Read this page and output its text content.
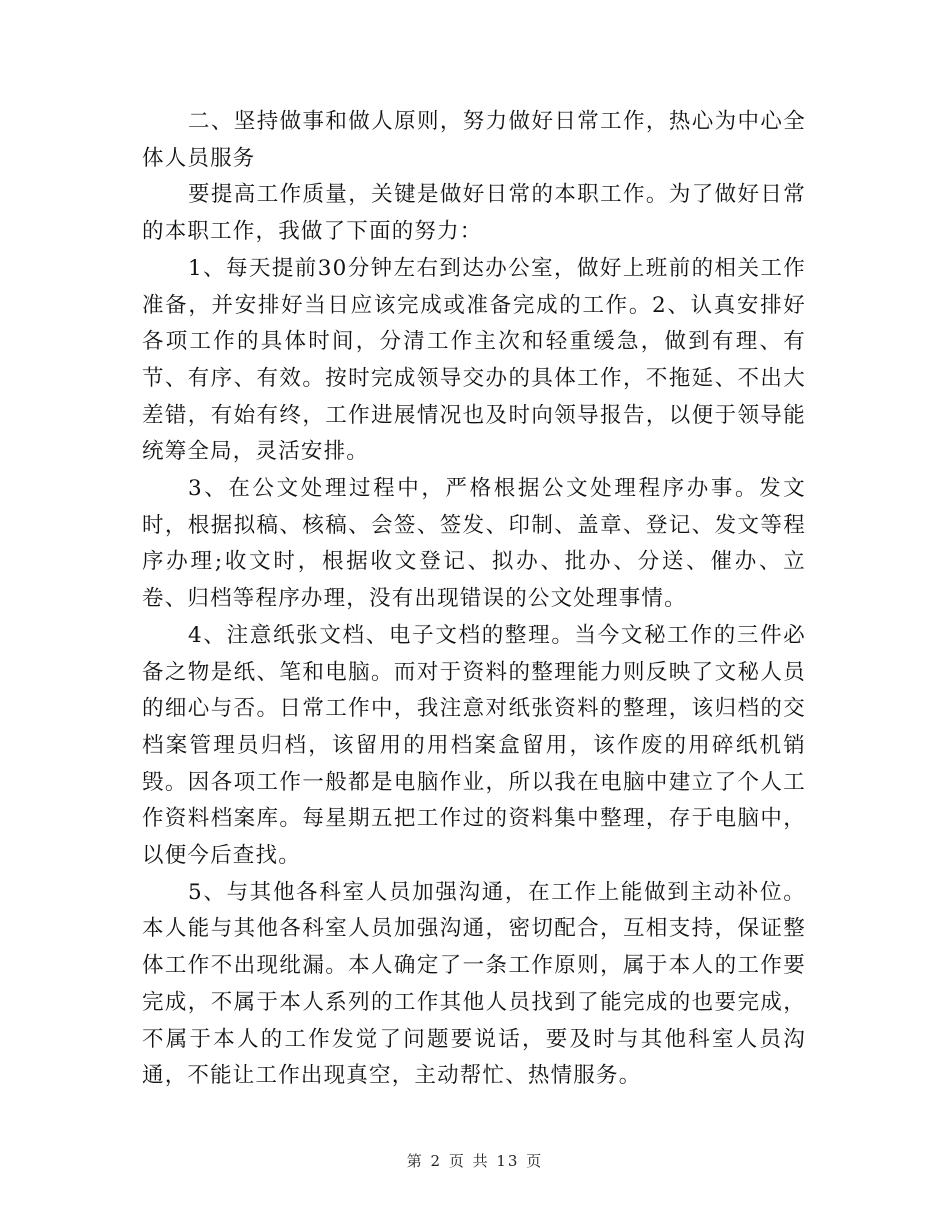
二、坚持做事和做人原则，努力做好日常工作，热心为中心全体人员服务

要提高工作质量，关键是做好日常的本职工作。为了做好日常的本职工作，我做了下面的努力：

1、每天提前30分钟左右到达办公室，做好上班前的相关工作准备，并安排好当日应该完成或准备完成的工作。2、认真安排好各项工作的具体时间，分清工作主次和轻重缓急，做到有理、有节、有序、有效。按时完成领导交办的具体工作，不拖延、不出大差错，有始有终，工作进展情况也及时向领导报告，以便于领导能统筹全局，灵活安排。

3、在公文处理过程中，严格根据公文处理程序办事。发文时，根据拟稿、核稿、会签、签发、印制、盖章、登记、发文等程序办理;收文时，根据收文登记、拟办、批办、分送、催办、立卷、归档等程序办理，没有出现错误的公文处理事情。

4、注意纸张文档、电子文档的整理。当今文秘工作的三件必备之物是纸、笔和电脑。而对于资料的整理能力则反映了文秘人员的细心与否。日常工作中，我注意对纸张资料的整理，该归档的交档案管理员归档，该留用的用档案盒留用，该作废的用碎纸机销毁。因各项工作一般都是电脑作业，所以我在电脑中建立了个人工作资料档案库。每星期五把工作过的资料集中整理，存于电脑中，以便今后查找。

5、与其他各科室人员加强沟通，在工作上能做到主动补位。本人能与其他各科室人员加强沟通，密切配合，互相支持，保证整体工作不出现纰漏。本人确定了一条工作原则，属于本人的工作要完成，不属于本人系列的工作其他人员找到了能完成的也要完成，不属于本人的工作发觉了问题要说话，要及时与其他科室人员沟通，不能让工作出现真空，主动帮忙、热情服务。

第 2 页 共 13 页
